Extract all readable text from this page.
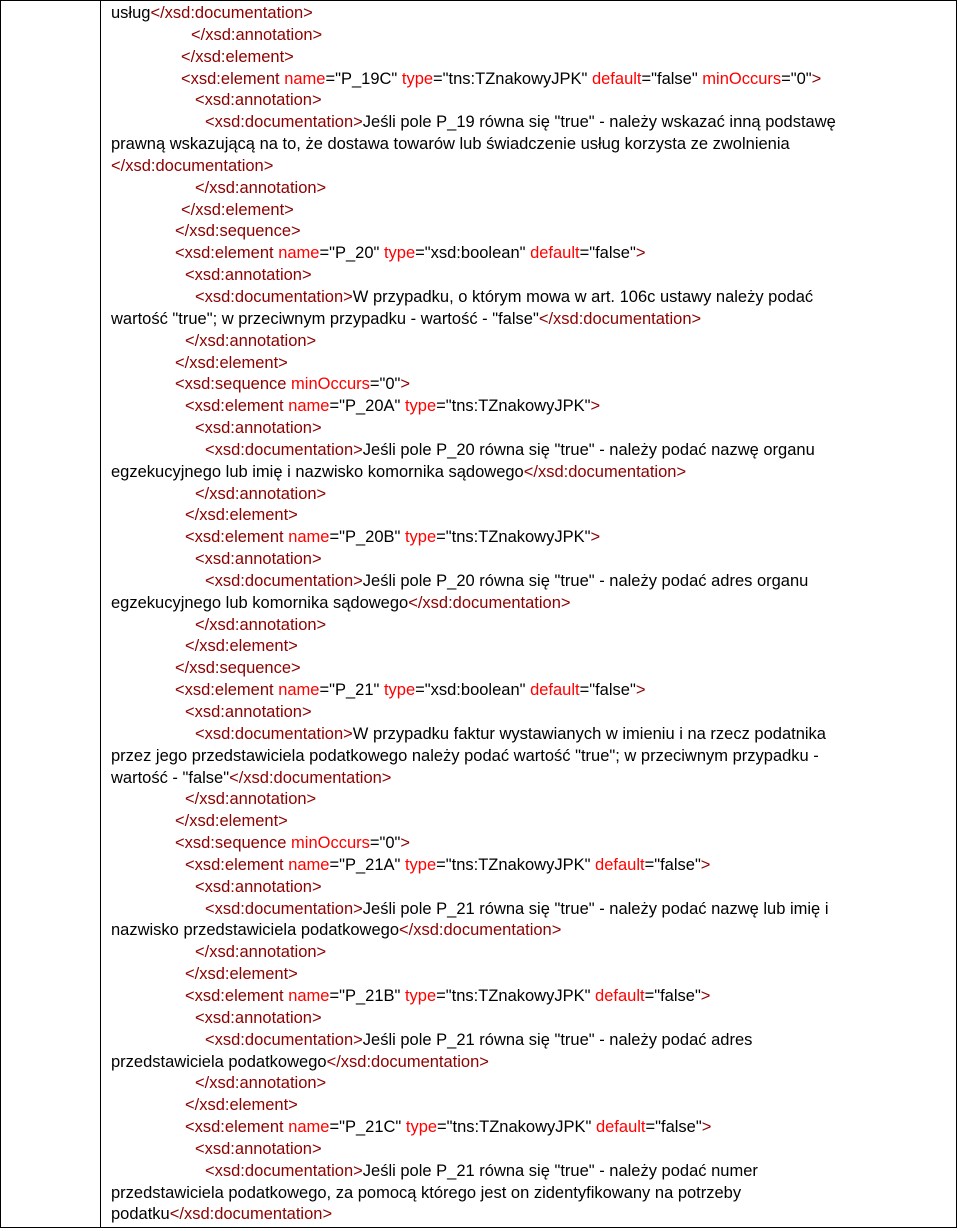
usług</xsd:documentation>
</xsd:annotation>
</xsd:element>
<xsd:element name="P_19C" type="tns:TZnakowyJPK" default="false" minOccurs="0">
<xsd:annotation>
<xsd:documentation>Jeśli pole P_19 równa się "true" - należy wskazać inną podstawę
prawną wskazującą na to, że dostawa towarów lub świadczenie usług korzysta ze zwolnienia
</xsd:documentation>
</xsd:annotation>
</xsd:element>
</xsd:sequence>
<xsd:element name="P_20" type="xsd:boolean" default="false">
<xsd:annotation>
<xsd:documentation>W przypadku, o którym mowa w art. 106c ustawy należy podać
wartość "true"; w przeciwnym przypadku - wartość - "false"</xsd:documentation>
</xsd:annotation>
</xsd:element>
<xsd:sequence minOccurs="0">
<xsd:element name="P_20A" type="tns:TZnakowyJPK">
<xsd:annotation>
<xsd:documentation>Jeśli pole P_20 równa się "true" - należy podać nazwę organu
egzekucyjnego lub imię i nazwisko komornika sądowego</xsd:documentation>
</xsd:annotation>
</xsd:element>
<xsd:element name="P_20B" type="tns:TZnakowyJPK">
<xsd:annotation>
<xsd:documentation>Jeśli pole P_20 równa się "true" - należy podać adres organu
egzekucyjnego lub komornika sądowego</xsd:documentation>
</xsd:annotation>
</xsd:element>
</xsd:sequence>
<xsd:element name="P_21" type="xsd:boolean" default="false">
<xsd:annotation>
<xsd:documentation>W przypadku faktur wystawianych w imieniu i na rzecz podatnika
przez jego przedstawiciela podatkowego należy podać wartość "true"; w przeciwnym przypadku -
wartość - "false"</xsd:documentation>
</xsd:annotation>
</xsd:element>
<xsd:sequence minOccurs="0">
<xsd:element name="P_21A" type="tns:TZnakowyJPK" default="false">
<xsd:annotation>
<xsd:documentation>Jeśli pole P_21 równa się "true" - należy podać nazwę lub imię i
nazwisko przedstawiciela podatkowego</xsd:documentation>
</xsd:annotation>
</xsd:element>
<xsd:element name="P_21B" type="tns:TZnakowyJPK" default="false">
<xsd:annotation>
<xsd:documentation>Jeśli pole P_21 równa się "true" - należy podać adres
przedstawiciela podatkowego</xsd:documentation>
</xsd:annotation>
</xsd:element>
<xsd:element name="P_21C" type="tns:TZnakowyJPK" default="false">
<xsd:annotation>
<xsd:documentation>Jeśli pole P_21 równa się "true" - należy podać numer
przedstawiciela podatkowego, za pomocą którego jest on zidentyfikowany na potrzeby
podatku</xsd:documentation>
